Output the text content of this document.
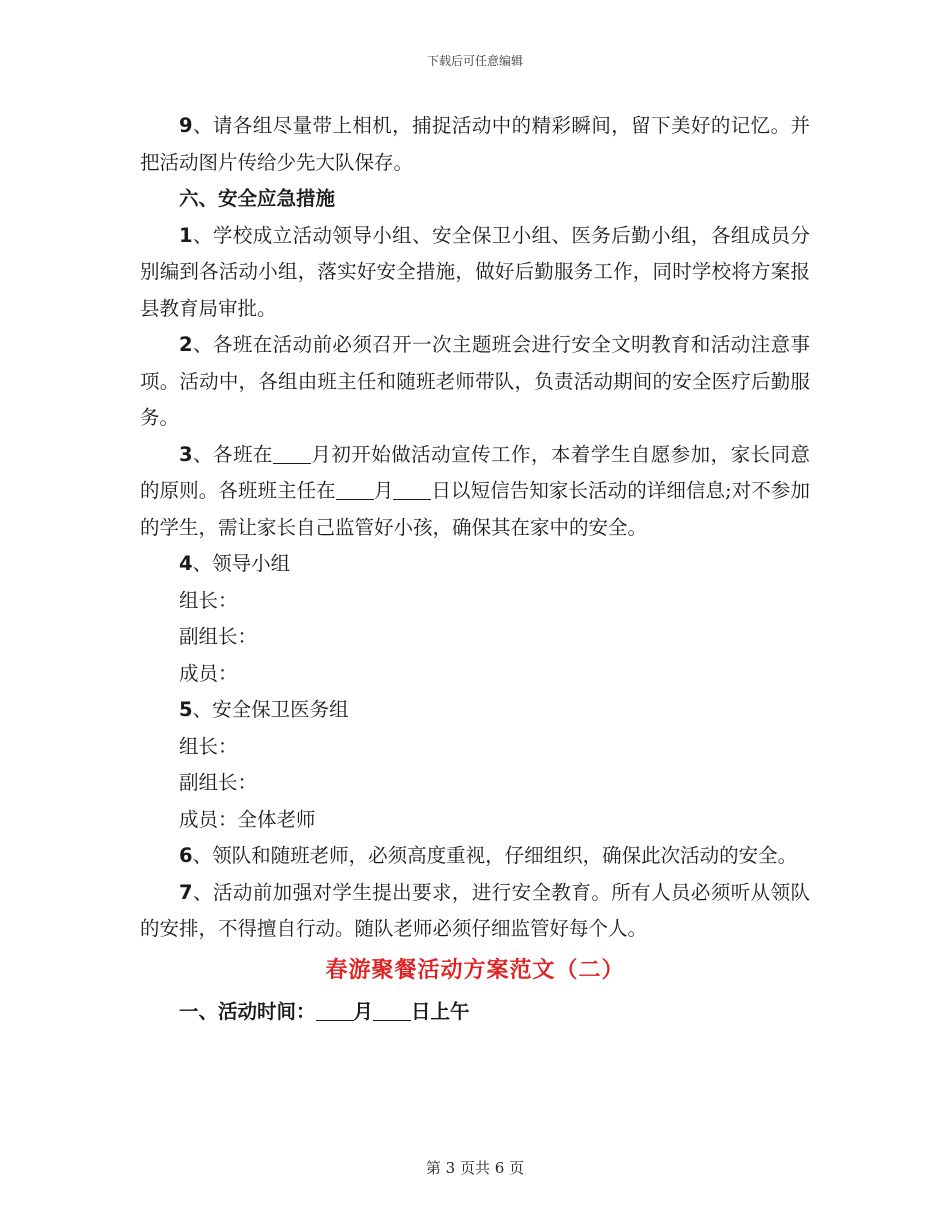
下载后可任意编辑

9、请各组尽量带上相机，捕捉活动中的精彩瞬间，留下美好的记忆。并把活动图片传给少先大队保存。

六、安全应急措施

1、学校成立活动领导小组、安全保卫小组、医务后勤小组，各组成员分别编到各活动小组，落实好安全措施，做好后勤服务工作，同时学校将方案报县教育局审批。

2、各班在活动前必须召开一次主题班会进行安全文明教育和活动注意事项。活动中，各组由班主任和随班老师带队，负责活动期间的安全医疗后勤服务。

3、各班在 月初开始做活动宣传工作，本着学生自愿参加，家长同意的原则。各班班主任在 月 日以短信告知家长活动的详细信息;对不参加的学生，需让家长自己监管好小孩，确保其在家中的安全。

4、领导小组

组长：

副组长：

成员：

5、安全保卫医务组

组长：

副组长：

成员：全体老师

6、领队和随班老师，必须高度重视，仔细组织，确保此次活动的安全。

7、活动前加强对学生提出要求，进行安全教育。所有人员必须听从领队的安排，不得擅自行动。随队老师必须仔细监管好每个人。

春游聚餐活动方案范文（二）

一、活动时间： 月 日上午

第 3 页共 6 页
